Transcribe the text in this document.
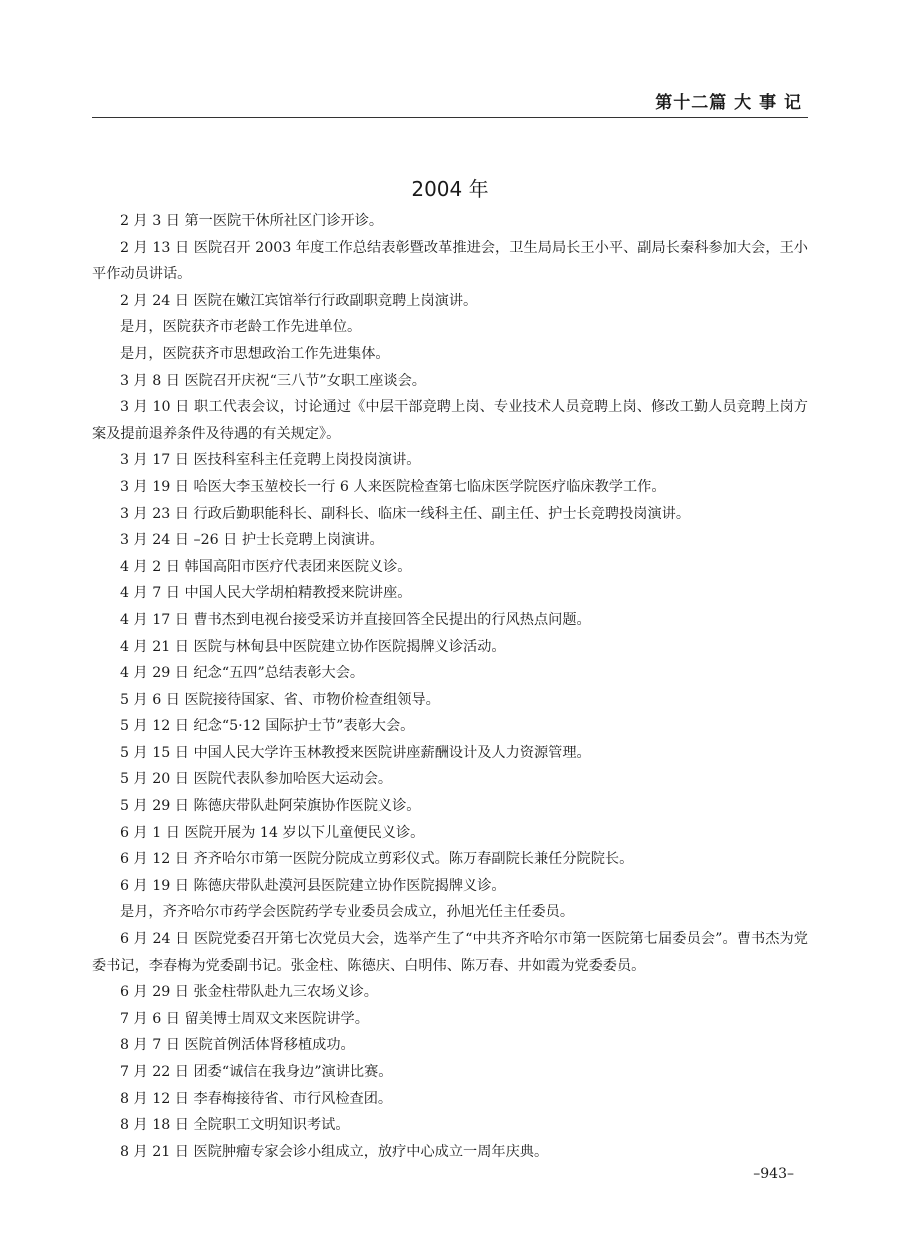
第十二篇 大 事 记
2004 年

2 月 3 日 第一医院干休所社区门诊开诊。

2 月 13 日 医院召开 2003 年度工作总结表彰暨改革推进会，卫生局局长王小平、副局长秦科参加大会，王小平作动员讲话。

2 月 24 日 医院在嫩江宾馆举行行政副职竞聘上岗演讲。

是月，医院获齐市老龄工作先进单位。

是月，医院获齐市思想政治工作先进集体。

3 月 8 日 医院召开庆祝“三八节”女职工座谈会。

3 月 10 日 职工代表会议，讨论通过《中层干部竞聘上岗、专业技术人员竞聘上岗、修改工勤人员竞聘上岗方案及提前退养条件及待遇的有关规定》。

3 月 17 日 医技科室科主任竞聘上岗投岗演讲。

3 月 19 日 哈医大李玉堃校长一行 6 人来医院检查第七临床医学院医疗临床教学工作。

3 月 23 日 行政后勤职能科长、副科长、临床一线科主任、副主任、护士长竞聘投岗演讲。

3 月 24 日 –26 日 护士长竞聘上岗演讲。

4 月 2 日 韩国高阳市医疗代表团来医院义诊。

4 月 7 日 中国人民大学胡柏精教授来院讲座。

4 月 17 日 曹书杰到电视台接受采访并直接回答全民提出的行风热点问题。

4 月 21 日 医院与林甸县中医院建立协作医院揭牌义诊活动。

4 月 29 日 纪念“五四”总结表彰大会。

5 月 6 日 医院接待国家、省、市物价检查组领导。

5 月 12 日 纪念“5·12 国际护士节”表彰大会。

5 月 15 日 中国人民大学许玉林教授来医院讲座薪酬设计及人力资源管理。

5 月 20 日 医院代表队参加哈医大运动会。

5 月 29 日 陈德庆带队赴阿荣旗协作医院义诊。

6 月 1 日 医院开展为 14 岁以下儿童便民义诊。

6 月 12 日 齐齐哈尔市第一医院分院成立剪彩仪式。陈万春副院长兼任分院院长。

6 月 19 日 陈德庆带队赴漠河县医院建立协作医院揭牌义诊。

是月，齐齐哈尔市药学会医院药学专业委员会成立，孙旭光任主任委员。

6 月 24 日 医院党委召开第七次党员大会，选举产生了“中共齐齐哈尔市第一医院第七届委员会”。曹书杰为党委书记，李春梅为党委副书记。张金柱、陈德庆、白明伟、陈万春、井如霞为党委委员。

6 月 29 日 张金柱带队赴九三农场义诊。

7 月 6 日 留美博士周双文来医院讲学。

8 月 7 日 医院首例活体肾移植成功。

7 月 22 日 团委“诚信在我身边”演讲比赛。

8 月 12 日 李春梅接待省、市行风检查团。

8 月 18 日 全院职工文明知识考试。

8 月 21 日 医院肿瘤专家会诊小组成立，放疗中心成立一周年庆典。

–943–
